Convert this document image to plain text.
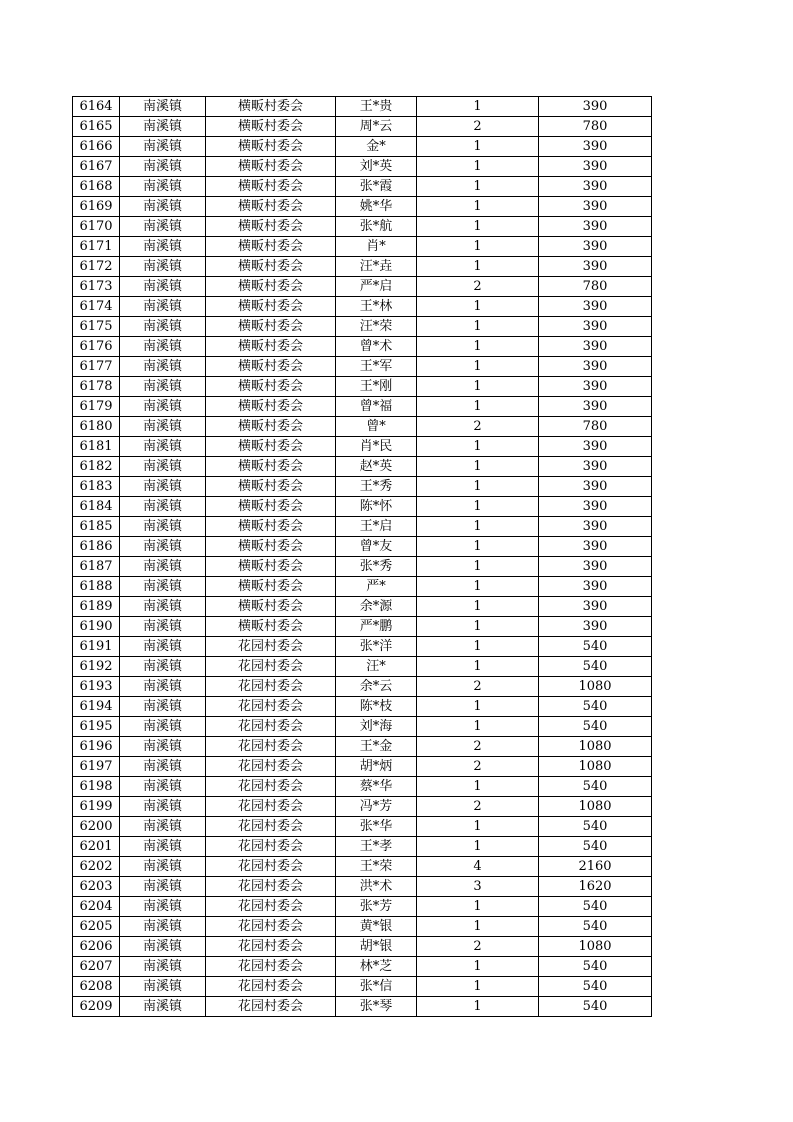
6164	南溪镇	横畈村委会	王*贵	1	390
6165	南溪镇	横畈村委会	周*云	2	780
6166	南溪镇	横畈村委会	金*	1	390
6167	南溪镇	横畈村委会	刘*英	1	390
6168	南溪镇	横畈村委会	张*霞	1	390
6169	南溪镇	横畈村委会	姚*华	1	390
6170	南溪镇	横畈村委会	张*航	1	390
6171	南溪镇	横畈村委会	肖*	1	390
6172	南溪镇	横畈村委会	汪*垚	1	390
6173	南溪镇	横畈村委会	严*启	2	780
6174	南溪镇	横畈村委会	王*林	1	390
6175	南溪镇	横畈村委会	汪*荣	1	390
6176	南溪镇	横畈村委会	曾*术	1	390
6177	南溪镇	横畈村委会	王*军	1	390
6178	南溪镇	横畈村委会	王*刚	1	390
6179	南溪镇	横畈村委会	曾*福	1	390
6180	南溪镇	横畈村委会	曾*	2	780
6181	南溪镇	横畈村委会	肖*民	1	390
6182	南溪镇	横畈村委会	赵*英	1	390
6183	南溪镇	横畈村委会	王*秀	1	390
6184	南溪镇	横畈村委会	陈*怀	1	390
6185	南溪镇	横畈村委会	王*启	1	390
6186	南溪镇	横畈村委会	曾*友	1	390
6187	南溪镇	横畈村委会	张*秀	1	390
6188	南溪镇	横畈村委会	严*	1	390
6189	南溪镇	横畈村委会	余*源	1	390
6190	南溪镇	横畈村委会	严*鹏	1	390
6191	南溪镇	花园村委会	张*洋	1	540
6192	南溪镇	花园村委会	汪*	1	540
6193	南溪镇	花园村委会	余*云	2	1080
6194	南溪镇	花园村委会	陈*枝	1	540
6195	南溪镇	花园村委会	刘*海	1	540
6196	南溪镇	花园村委会	王*金	2	1080
6197	南溪镇	花园村委会	胡*炳	2	1080
6198	南溪镇	花园村委会	蔡*华	1	540
6199	南溪镇	花园村委会	冯*芳	2	1080
6200	南溪镇	花园村委会	张*华	1	540
6201	南溪镇	花园村委会	王*孝	1	540
6202	南溪镇	花园村委会	王*荣	4	2160
6203	南溪镇	花园村委会	洪*术	3	1620
6204	南溪镇	花园村委会	张*芳	1	540
6205	南溪镇	花园村委会	黄*银	1	540
6206	南溪镇	花园村委会	胡*银	2	1080
6207	南溪镇	花园村委会	林*芝	1	540
6208	南溪镇	花园村委会	张*信	1	540
6209	南溪镇	花园村委会	张*琴	1	540
